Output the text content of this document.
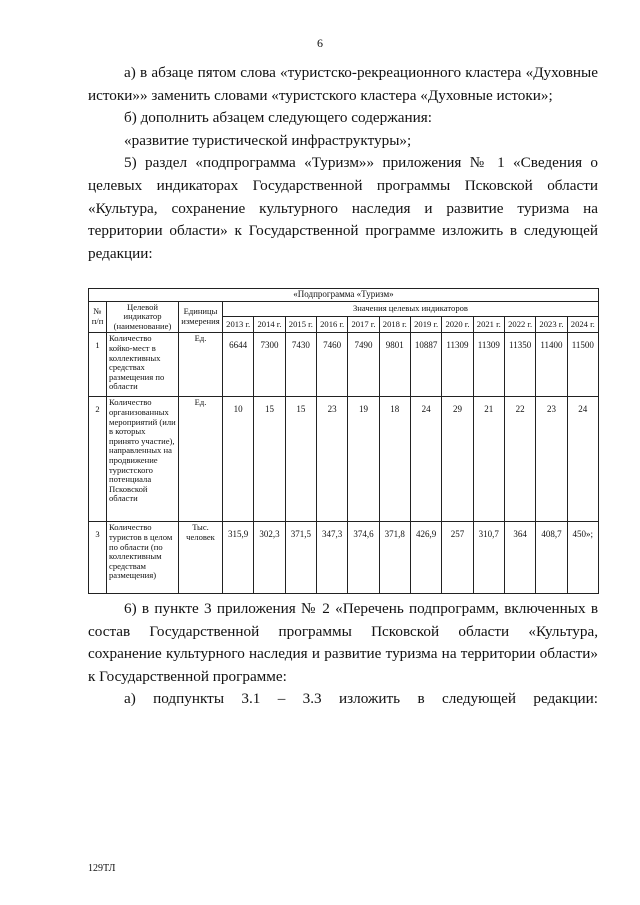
6

а) в абзаце пятом слова «туристско-рекреационного кластера «Духовные истоки»» заменить словами «туристского кластера «Духовные истоки»;

б) дополнить абзацем следующего содержания:

«развитие туристической инфраструктуры»;

5) раздел «подпрограмма «Туризм»» приложения № 1 «Сведения о целевых индикаторах Государственной программы Псковской области «Культура, сохранение культурного наследия и развитие туризма на территории области» к Государственной программе изложить в следующей редакции:

«Подпрограмма «Туризм»														
№ п/п	Целевой индикатор (наименование)	Единицы измерения	Значения целевых индикаторов											
			2013 г.	2014 г.	2015 г.	2016 г.	2017 г.	2018 г.	2019 г.	2020 г.	2021 г.	2022 г.	2023 г.	2024 г.
1	Количество койко-мест в коллективных средствах размещения по области	Ед.	6644	7300	7430	7460	7490	9801	10887	11309	11309	11350	11400	11500
2	Количество организованных мероприятий (или в которых принято участие), направленных на продвижение туристского потенциала Псковской области	Ед.	10	15	15	23	19	18	24	29	21	22	23	24
3	Количество туристов в целом по области (по коллективным средствам размещения)	Тыс. человек	315,9	302,3	371,5	347,3	374,6	371,8	426,9	257	310,7	364	408,7	450»;

6) в пункте 3 приложения № 2 «Перечень подпрограмм, включенных в состав Государственной программы Псковской области «Культура, сохранение культурного наследия и развитие туризма на территории области» к Государственной программе:

а) подпункты 3.1 – 3.3 изложить в следующей редакции:

129ТЛ
